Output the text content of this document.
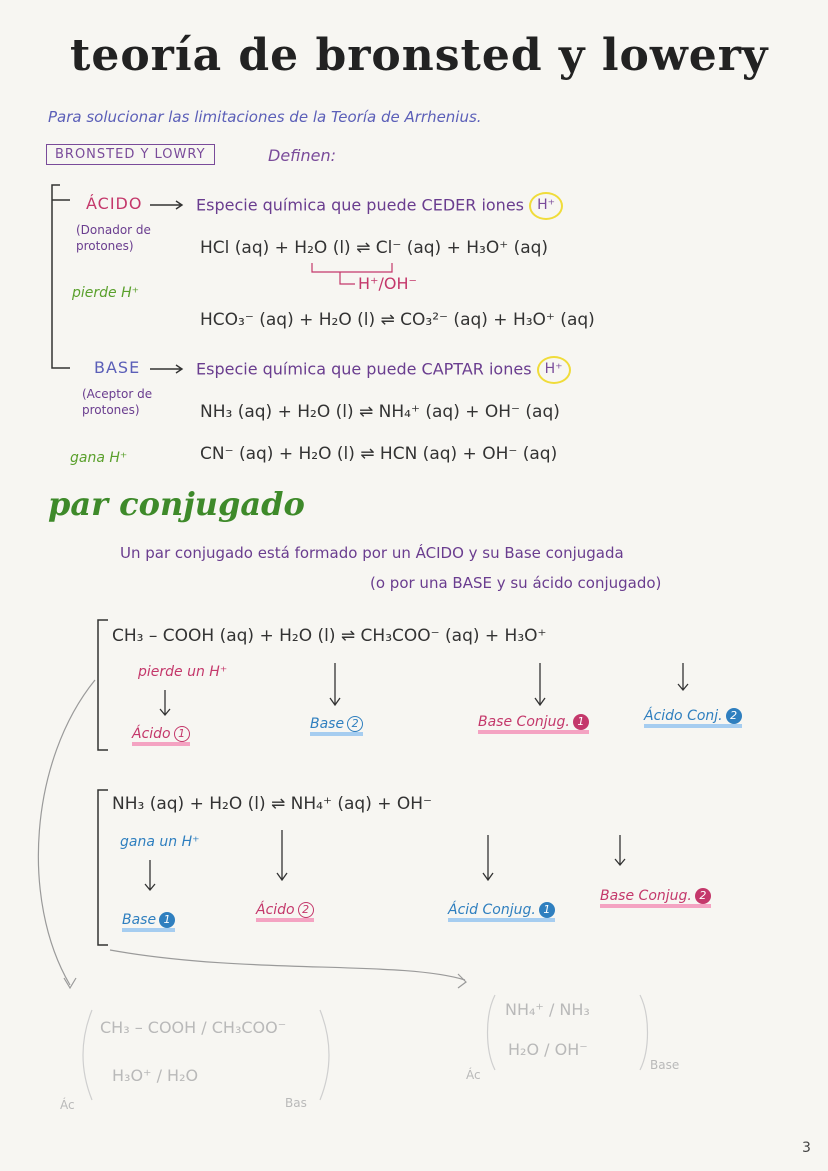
teoría de bronsted y lowery
Para solucionar las limitaciones de la Teoría de Arrhenius.
BRONSTED Y LOWRY	Definen:
ÁCIDO	Especie química que puede CEDER iones H⁺
(Donador de protones)
pierde H⁺
HCl (aq) + H₂O (l) ⇌ Cl⁻ (aq) + H₃O⁺ (aq)
H⁺/OH⁻
HCO₃⁻ (aq) + H₂O (l) ⇌ CO₃²⁻ (aq) + H₃O⁺ (aq)
BASE	Especie química que puede CAPTAR iones H⁺
(Aceptor de protones)
gana H⁺
NH₃ (aq) + H₂O (l) ⇌ NH₄⁺ (aq) + OH⁻ (aq)
CN⁻ (aq) + H₂O (l) ⇌ HCN (aq) + OH⁻ (aq)
par conjugado
Un par conjugado está formado por un ÁCIDO y su Base conjugada
(o por una BASE y su ácido conjugado)
CH₃ – COOH (aq) + H₂O (l) ⇌ CH₃COO⁻ (aq) + H₃O⁺
pierde un H⁺
Ácido 1
Base 2	Base Conjug. 1	Ácido Conj. 2
NH₃ (aq) + H₂O (l) ⇌ NH₄⁺ (aq) + OH⁻
gana un H⁺
Base 1
Ácido 2	Ácid Conjug. 1
Base Conjug. 2
CH₃ – COOH / CH₃COO⁻
H₃O⁺ / H₂O
Ác	Bas
NH₄⁺ / NH₃
H₂O / OH⁻
Ác
Base
3
